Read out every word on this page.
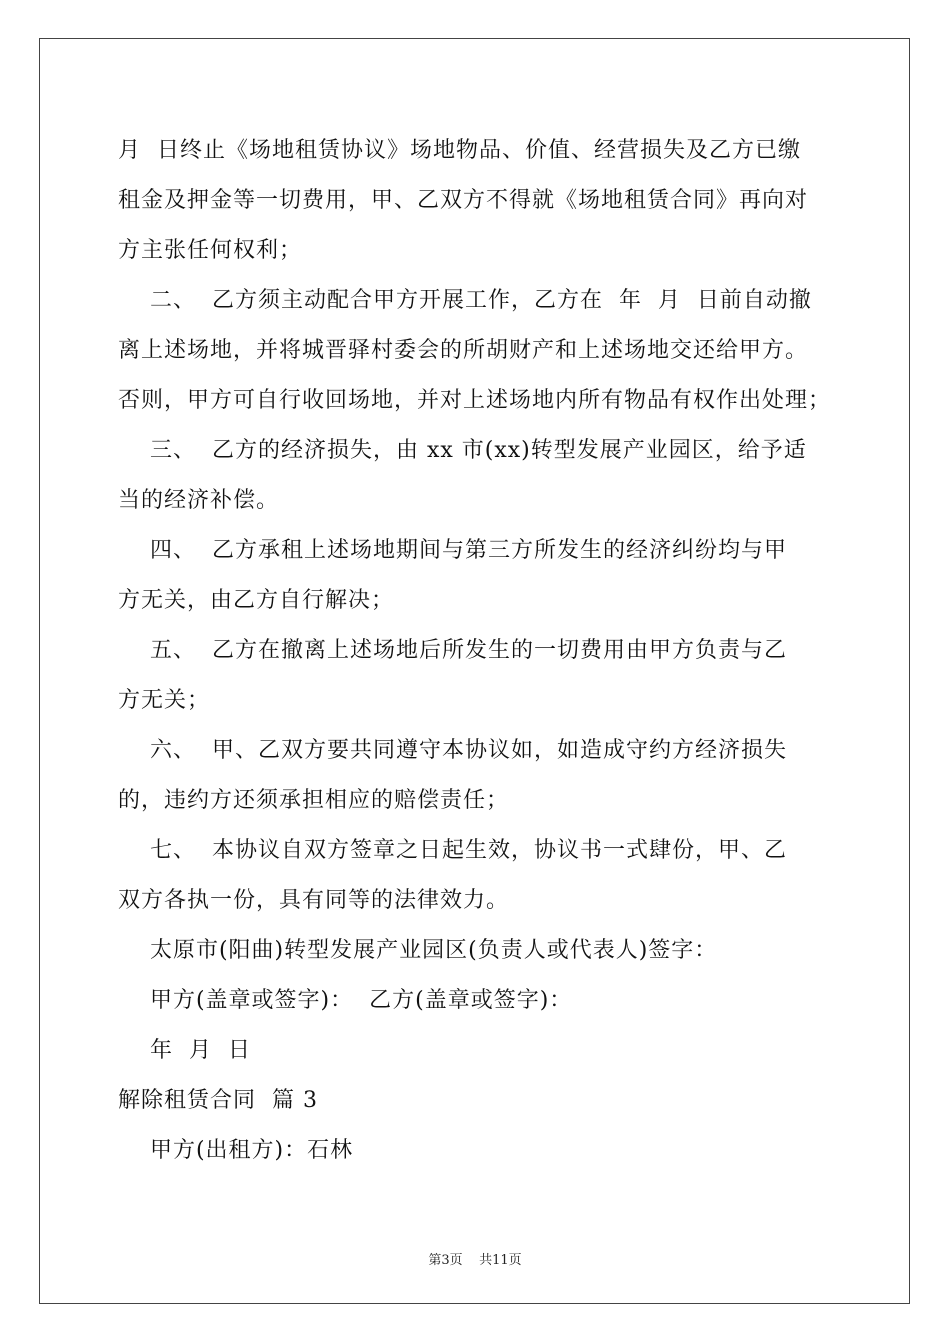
月  日终止《场地租赁协议》场地物品、价值、经营损失及乙方已缴
租金及押金等一切费用，甲、乙双方不得就《场地租赁合同》再向对
方主张任何权利；
二、  乙方须主动配合甲方开展工作，乙方在  年  月  日前自动撤
离上述场地，并将城晋驿村委会的所胡财产和上述场地交还给甲方。
否则，甲方可自行收回场地，并对上述场地内所有物品有权作出处理；
三、  乙方的经济损失，由 xx 市(xx)转型发展产业园区，给予适
当的经济补偿。
四、  乙方承租上述场地期间与第三方所发生的经济纠纷均与甲
方无关，由乙方自行解决；
五、  乙方在撤离上述场地后所发生的一切费用由甲方负责与乙
方无关；
六、  甲、乙双方要共同遵守本协议如，如造成守约方经济损失
的，违约方还须承担相应的赔偿责任；
七、  本协议自双方签章之日起生效，协议书一式肆份，甲、乙
双方各执一份，具有同等的法律效力。
太原市(阳曲)转型发展产业园区(负责人或代表人)签字：
甲方(盖章或签字)：  乙方(盖章或签字)：
年  月  日
解除租赁合同  篇 3
甲方(出租方)：石林
第3页    共11页
